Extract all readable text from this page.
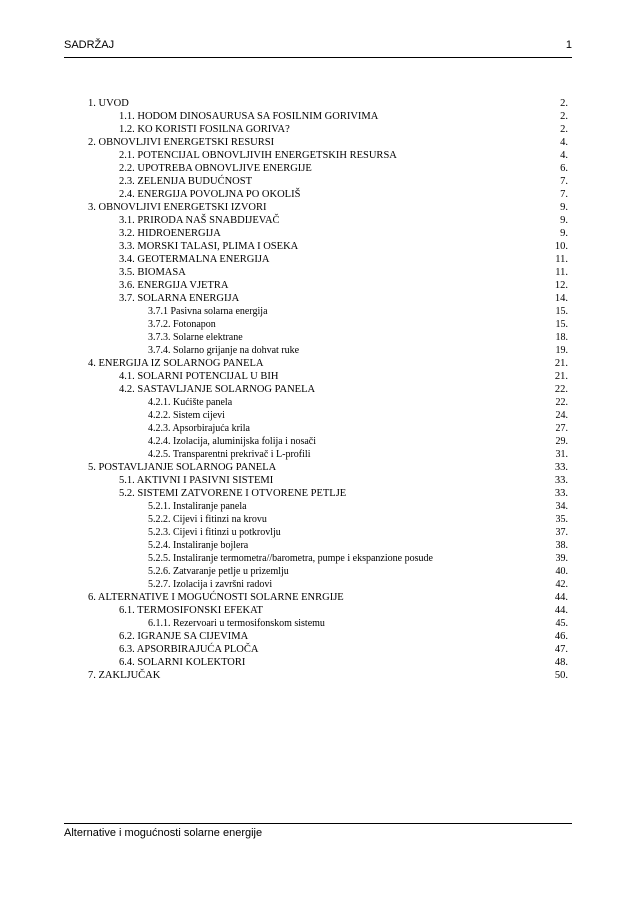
SADRŽAJ	1
1. UVOD	2.
1.1. HODOM DINOSAURUSA SA FOSILNIM GORIVIMA	2.
1.2. KO KORISTI FOSILNA GORIVA?	2.
2. OBNOVLJIVI ENERGETSKI RESURSI	4.
2.1. POTENCIJAL OBNOVLJIVIH ENERGETSKIH RESURSA	4.
2.2. UPOTREBA OBNOVLJIVE ENERGIJE	6.
2.3. ZELENIJA BUDUĆNOST	7.
2.4. ENERGIJA POVOLJNA PO OKOLIŠ	7.
3. OBNOVLJIVI ENERGETSKI IZVORI	9.
3.1. PRIRODA NAŠ SNABDIJEVAČ	9.
3.2. HIDROENERGIJA	9.
3.3. MORSKI TALASI, PLIMA I OSEKA	10.
3.4. GEOTERMALNA ENERGIJA	11.
3.5. BIOMASA	11.
3.6. ENERGIJA VJETRA	12.
3.7. SOLARNA ENERGIJA	14.
3.7.1 Pasivna solarna energija	15.
3.7.2. Fotonapon	15.
3.7.3. Solarne elektrane	18.
3.7.4. Solarno grijanje na dohvat ruke	19.
4. ENERGIJA IZ SOLARNOG PANELA	21.
4.1. SOLARNI POTENCIJAL U BIH	21.
4.2. SASTAVLJANJE SOLARNOG PANELA	22.
4.2.1. Kućište panela	22.
4.2.2. Sistem cijevi	24.
4.2.3. Apsorbirajuća krila	27.
4.2.4. Izolacija, aluminijska folija i nosači	29.
4.2.5. Transparentni prekrivač i L-profili	31.
5. POSTAVLJANJE SOLARNOG PANELA	33.
5.1. AKTIVNI I PASIVNI SISTEMI	33.
5.2. SISTEMI ZATVORENE I OTVORENE PETLJE	33.
5.2.1. Instaliranje panela	34.
5.2.2. Cijevi i fitinzi na krovu	35.
5.2.3. Cijevi i fitinzi u potkrovlju	37.
5.2.4. Instaliranje bojlera	38.
5.2.5. Instaliranje termometra//barometra, pumpe i ekspanzione posude	39.
5.2.6. Zatvaranje petlje u prizemlju	40.
5.2.7. Izolacija i završni radovi	42.
6. ALTERNATIVE I MOGUĆNOSTI SOLARNE ENRGIJE	44.
6.1. TERMOSIFONSKI EFEKAT	44.
6.1.1. Rezervoari u termosifonskom sistemu	45.
6.2. IGRANJE SA CIJEVIMA	46.
6.3. APSORBIRAJUĆA PLOČA	47.
6.4. SOLARNI KOLEKTORI	48.
7. ZAKLJUČAK	50.
Alternative i mogućnosti solarne energije
